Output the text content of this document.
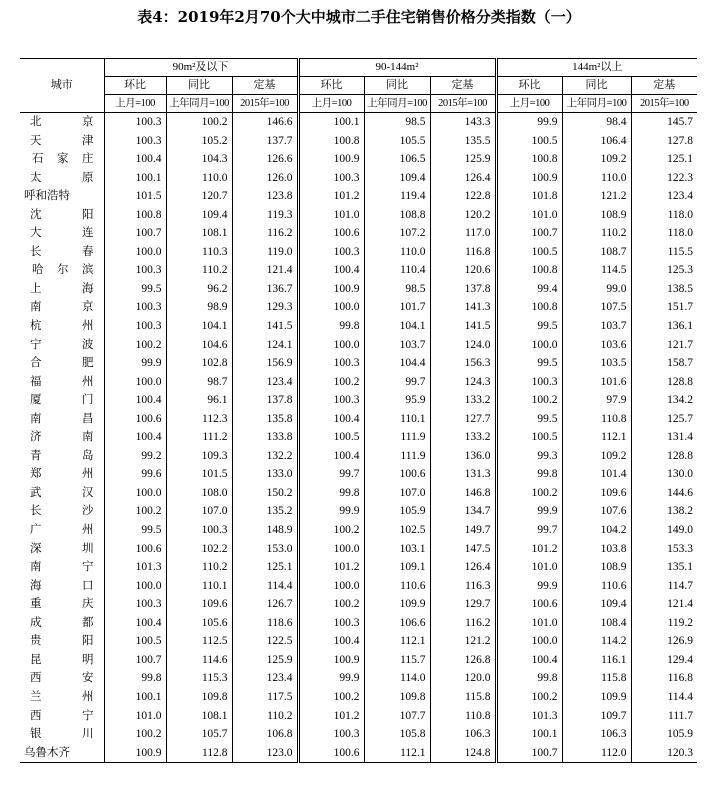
表4：2019年2月70个大中城市二手住宅销售价格分类指数（一）
城市	90m²及以下			90-144m²			144m²以上		
	环比	同比	定基	环比	同比	定基	环比	同比	定基
	上月=100	上年同月=100	2015年=100	上月=100	上年同月=100	2015年=100	上月=100	上年同月=100	2015年=100

北 京	100.3	100.2	146.6	100.1	98.5	143.3	99.9	98.4	145.7

天 津	100.3	105.2	137.7	100.8	105.5	135.5	100.5	106.4	127.8

石 家 庄	100.4	104.3	126.6	100.9	106.5	125.9	100.8	109.2	125.1

太 原	100.1	110.0	126.0	100.3	109.4	126.4	100.9	110.0	122.3

呼和浩特	101.5	120.7	123.8	101.2	119.4	122.8	101.8	121.2	123.4

沈 阳	100.8	109.4	119.3	101.0	108.8	120.2	101.0	108.9	118.0

大 连	100.7	108.1	116.2	100.6	107.2	117.0	100.7	110.2	118.0

长 春	100.0	110.3	119.0	100.3	110.0	116.8	100.5	108.7	115.5

哈 尔 滨	100.3	110.2	121.4	100.4	110.4	120.6	100.8	114.5	125.3

上 海	99.5	96.2	136.7	100.9	98.5	137.8	99.4	99.0	138.5

南 京	100.3	98.9	129.3	100.0	101.7	141.3	100.8	107.5	151.7

杭 州	100.3	104.1	141.5	99.8	104.1	141.5	99.5	103.7	136.1

宁 波	100.2	104.6	124.1	100.0	103.7	124.0	100.0	103.6	121.7

合 肥	99.9	102.8	156.9	100.3	104.4	156.3	99.5	103.5	158.7

福 州	100.0	98.7	123.4	100.2	99.7	124.3	100.3	101.6	128.8

厦 门	100.4	96.1	137.8	100.3	95.9	133.2	100.2	97.9	134.2

南 昌	100.6	112.3	135.8	100.4	110.1	127.7	99.5	110.8	125.7

济 南	100.4	111.2	133.8	100.5	111.9	133.2	100.5	112.1	131.4

青 岛	99.2	109.3	132.2	100.4	111.9	136.0	99.3	109.2	128.8

郑 州	99.6	101.5	133.0	99.7	100.6	131.3	99.8	101.4	130.0

武 汉	100.0	108.0	150.2	99.8	107.0	146.8	100.2	109.6	144.6

长 沙	100.2	107.0	135.2	99.9	105.9	134.7	99.9	107.6	138.2

广 州	99.5	100.3	148.9	100.2	102.5	149.7	99.7	104.2	149.0

深 圳	100.6	102.2	153.0	100.0	103.1	147.5	101.2	103.8	153.3

南 宁	101.3	110.2	125.1	101.2	109.1	126.4	101.0	108.9	135.1

海 口	100.0	110.1	114.4	100.0	110.6	116.3	99.9	110.6	114.7

重 庆	100.3	109.6	126.7	100.2	109.9	129.7	100.6	109.4	121.4

成 都	100.4	105.6	118.6	100.3	106.6	116.2	101.0	108.4	119.2

贵 阳	100.5	112.5	122.5	100.4	112.1	121.2	100.0	114.2	126.9

昆 明	100.7	114.6	125.9	100.9	115.7	126.8	100.4	116.1	129.4

西 安	99.8	115.3	123.4	99.9	114.0	120.0	99.8	115.8	116.8

兰 州	100.1	109.8	117.5	100.2	109.8	115.8	100.2	109.9	114.4

西 宁	101.0	108.1	110.2	101.2	107.7	110.8	101.3	109.7	111.7

银 川	100.2	105.7	106.8	100.3	105.8	106.3	100.1	106.3	105.9

乌鲁木齐	100.9	112.8	123.0	100.6	112.1	124.8	100.7	112.0	120.3
